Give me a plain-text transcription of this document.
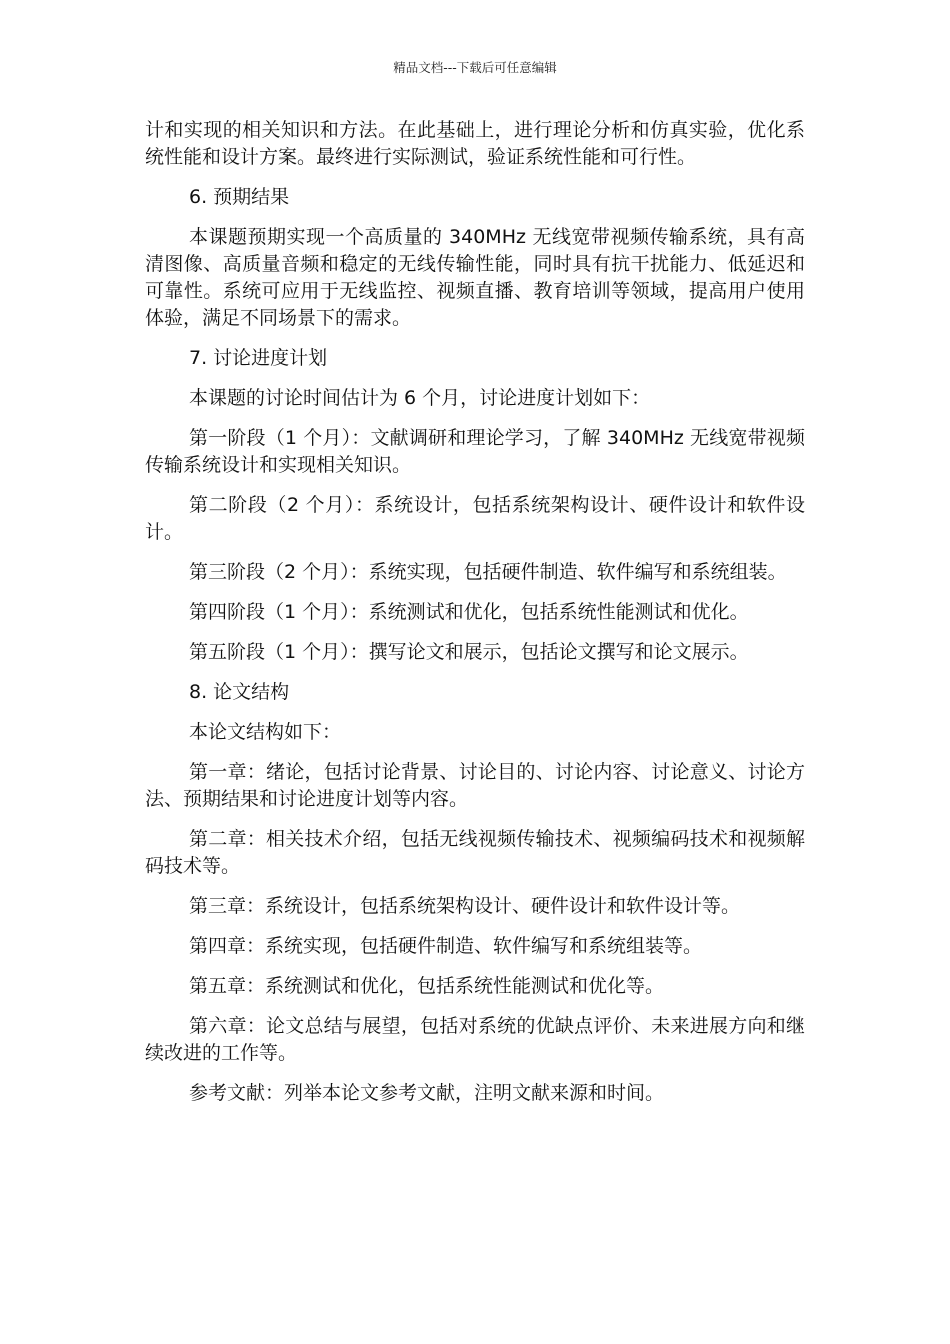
精品文档---下载后可任意编辑

计和实现的相关知识和方法。在此基础上，进行理论分析和仿真实验，优化系统性能和设计方案。最终进行实际测试，验证系统性能和可行性。

6. 预期结果

本课题预期实现一个高质量的 340MHz 无线宽带视频传输系统，具有高清图像、高质量音频和稳定的无线传输性能，同时具有抗干扰能力、低延迟和可靠性。系统可应用于无线监控、视频直播、教育培训等领域，提高用户使用体验，满足不同场景下的需求。

7. 讨论进度计划

本课题的讨论时间估计为 6 个月，讨论进度计划如下：

第一阶段（1 个月）：文献调研和理论学习，了解 340MHz 无线宽带视频传输系统设计和实现相关知识。

第二阶段（2 个月）：系统设计，包括系统架构设计、硬件设计和软件设计。

第三阶段（2 个月）：系统实现，包括硬件制造、软件编写和系统组装。

第四阶段（1 个月）：系统测试和优化，包括系统性能测试和优化。

第五阶段（1 个月）：撰写论文和展示，包括论文撰写和论文展示。

8. 论文结构

本论文结构如下：

第一章：绪论，包括讨论背景、讨论目的、讨论内容、讨论意义、讨论方法、预期结果和讨论进度计划等内容。

第二章：相关技术介绍，包括无线视频传输技术、视频编码技术和视频解码技术等。

第三章：系统设计，包括系统架构设计、硬件设计和软件设计等。

第四章：系统实现，包括硬件制造、软件编写和系统组装等。

第五章：系统测试和优化，包括系统性能测试和优化等。

第六章：论文总结与展望，包括对系统的优缺点评价、未来进展方向和继续改进的工作等。

参考文献：列举本论文参考文献，注明文献来源和时间。
